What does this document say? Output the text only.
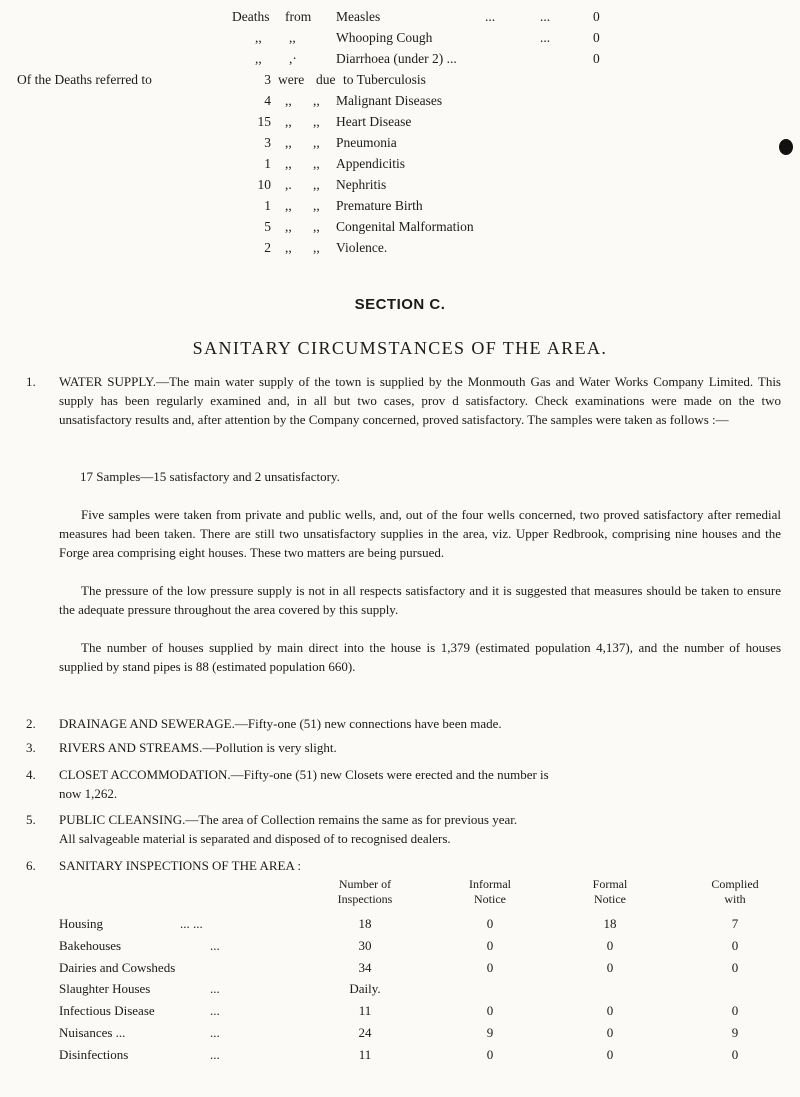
Deaths from Measles	...	...	0
,, ,,	Whooping Cough	...	0
,, ,·	Diarrhoea (under 2) ...	0
Of the Deaths referred to	3 were due to Tuberculosis
4 ,, ,, Malignant Diseases
15 ,, ,, Heart Disease
3 ,, ,, Pneumonia
1 ,, ,, Appendicitis
10 ,. ,, Nephritis
1 ,, ,, Premature Birth
5 ,, ,, Congenital Malformation
2 ,, ,, Violence.
SECTION C.
SANITARY CIRCUMSTANCES OF THE AREA.
1. WATER SUPPLY.—The main water supply of the town is supplied by the Monmouth Gas and Water Works Company Limited. This supply has been regularly examined and, in all but two cases, prov d satisfactory. Check examinations were made on the two unsatisfactory results and, after attention by the Company concerned, proved satisfactory. The samples were taken as follows :—
17 Samples—15 satisfactory and 2 unsatisfactory.
Five samples were taken from private and public wells, and, out of the four wells concerned, two proved satisfactory after remedial measures had been taken. There are still two unsatisfactory supplies in the area, viz. Upper Redbrook, comprising nine houses and the Forge area comprising eight houses. These two matters are being pursued.
The pressure of the low pressure supply is not in all respects satisfactory and it is suggested that measures should be taken to ensure the adequate pressure throughout the area covered by this supply.
The number of houses supplied by main direct into the house is 1,379 (estimated population 4,137), and the number of houses supplied by stand pipes is 88 (estimated population 660).
2. DRAINAGE AND SEWERAGE.—Fifty-one (51) new connections have been made.
3. RIVERS AND STREAMS.—Pollution is very slight.
4. CLOSET ACCOMMODATION.—Fifty-one (51) new Closets were erected and the number is
now 1,262.
5. PUBLIC CLEANSING.—The area of Collection remains the same as for previous year.
All salvageable material is separated and disposed of to recognised dealers.
6. SANITARY INSPECTIONS OF THE AREA :
Number of
Inspections
Informal
Notice
Formal
Notice
Complied
with
Housing	... ...	18	0	18	7
Bakehouses	...	30	0	0	0
Dairies and Cowsheds	34	0	0	0
Slaughter Houses	...	Daily.
Infectious Disease	...	11	0	0	0
Nuisances ...	...	24	9	0	9
Disinfections	...	11	0	0	0
